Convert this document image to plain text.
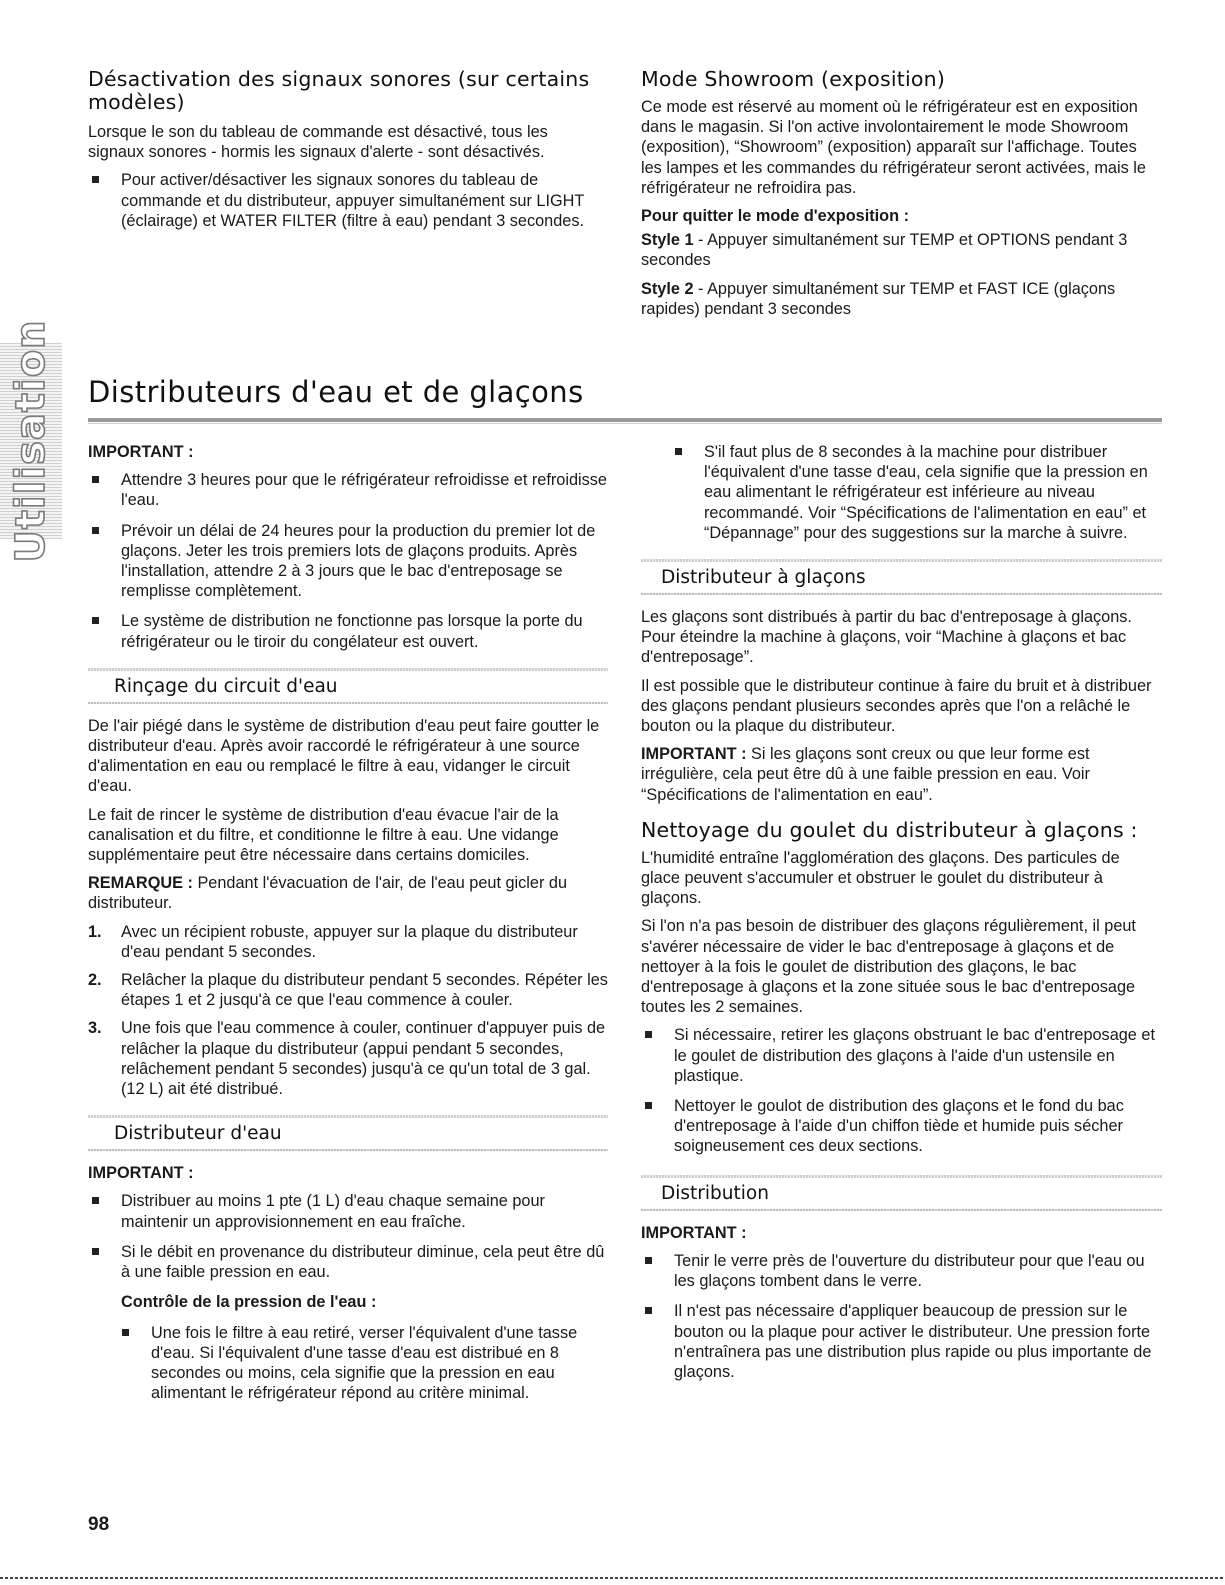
Désactivation des signaux sonores (sur certains modèles)

Lorsque le son du tableau de commande est désactivé, tous les signaux sonores - hormis les signaux d'alerte - sont désactivés.

Pour activer/désactiver les signaux sonores du tableau de commande et du distributeur, appuyer simultanément sur LIGHT (éclairage) et WATER FILTER (filtre à eau) pendant 3 secondes.
Mode Showroom (exposition)

Ce mode est réservé au moment où le réfrigérateur est en exposition dans le magasin. Si l'on active involontairement le mode Showroom (exposition), “Showroom” (exposition) apparaît sur l'affichage. Toutes les lampes et les commandes du réfrigérateur seront activées, mais le réfrigérateur ne refroidira pas.

Pour quitter le mode d'exposition :

Style 1 - Appuyer simultanément sur TEMP et OPTIONS pendant 3 secondes

Style 2 - Appuyer simultanément sur TEMP et FAST ICE (glaçons rapides) pendant 3 secondes

Utilisation Distributeurs d'eau et de glaçons

IMPORTANT :

Attendre 3 heures pour que le réfrigérateur refroidisse et refroidisse l'eau.
Prévoir un délai de 24 heures pour la production du premier lot de glaçons. Jeter les trois premiers lots de glaçons produits. Après l'installation, attendre 2 à 3 jours que le bac d'entreposage se remplisse complètement.
Le système de distribution ne fonctionne pas lorsque la porte du réfrigérateur ou le tiroir du congélateur est ouvert.
Rinçage du circuit d'eau

De l'air piégé dans le système de distribution d'eau peut faire goutter le distributeur d'eau. Après avoir raccordé le réfrigérateur à une source d'alimentation en eau ou remplacé le filtre à eau, vidanger le circuit d'eau.

Le fait de rincer le système de distribution d'eau évacue l'air de la canalisation et du filtre, et conditionne le filtre à eau. Une vidange supplémentaire peut être nécessaire dans certains domiciles.

REMARQUE : Pendant l'évacuation de l'air, de l'eau peut gicler du distributeur.

1. Avec un récipient robuste, appuyer sur la plaque du distributeur d'eau pendant 5 secondes.
2. Relâcher la plaque du distributeur pendant 5 secondes. Répéter les étapes 1 et 2 jusqu'à ce que l'eau commence à couler.
3. Une fois que l'eau commence à couler, continuer d'appuyer puis de relâcher la plaque du distributeur (appui pendant 5 secondes, relâchement pendant 5 secondes) jusqu'à ce qu'un total de 3 gal. (12 L) ait été distribué.
Distributeur d'eau

IMPORTANT :

Distribuer au moins 1 pte (1 L) d'eau chaque semaine pour maintenir un approvisionnement en eau fraîche.
Si le débit en provenance du distributeur diminue, cela peut être dû à une faible pression en eau.

Contrôle de la pression de l'eau :

Une fois le filtre à eau retiré, verser l'équivalent d'une tasse d'eau. Si l'équivalent d'une tasse d'eau est distribué en 8 secondes ou moins, cela signifie que la pression en eau alimentant le réfrigérateur répond au critère minimal.
S'il faut plus de 8 secondes à la machine pour distribuer l'équivalent d'une tasse d'eau, cela signifie que la pression en eau alimentant le réfrigérateur est inférieure au niveau recommandé. Voir “Spécifications de l'alimentation en eau” et “Dépannage” pour des suggestions sur la marche à suivre.
Distributeur à glaçons

Les glaçons sont distribués à partir du bac d'entreposage à glaçons. Pour éteindre la machine à glaçons, voir “Machine à glaçons et bac d'entreposage”.

Il est possible que le distributeur continue à faire du bruit et à distribuer des glaçons pendant plusieurs secondes après que l'on a relâché le bouton ou la plaque du distributeur.

IMPORTANT : Si les glaçons sont creux ou que leur forme est irrégulière, cela peut être dû à une faible pression en eau. Voir “Spécifications de l'alimentation en eau”.

Nettoyage du goulet du distributeur à glaçons :

L'humidité entraîne l'agglomération des glaçons. Des particules de glace peuvent s'accumuler et obstruer le goulet du distributeur à glaçons.

Si l'on n'a pas besoin de distribuer des glaçons régulièrement, il peut s'avérer nécessaire de vider le bac d'entreposage à glaçons et de nettoyer à la fois le goulet de distribution des glaçons, le bac d'entreposage à glaçons et la zone située sous le bac d'entreposage toutes les 2 semaines.

Si nécessaire, retirer les glaçons obstruant le bac d'entreposage et le goulet de distribution des glaçons à l'aide d'un ustensile en plastique.
Nettoyer le goulot de distribution des glaçons et le fond du bac d'entreposage à l'aide d'un chiffon tiède et humide puis sécher soigneusement ces deux sections.
Distribution

IMPORTANT :

Tenir le verre près de l'ouverture du distributeur pour que l'eau ou les glaçons tombent dans le verre.
Il n'est pas nécessaire d'appliquer beaucoup de pression sur le bouton ou la plaque pour activer le distributeur. Une pression forte n'entraînera pas une distribution plus rapide ou plus importante de glaçons.
98
